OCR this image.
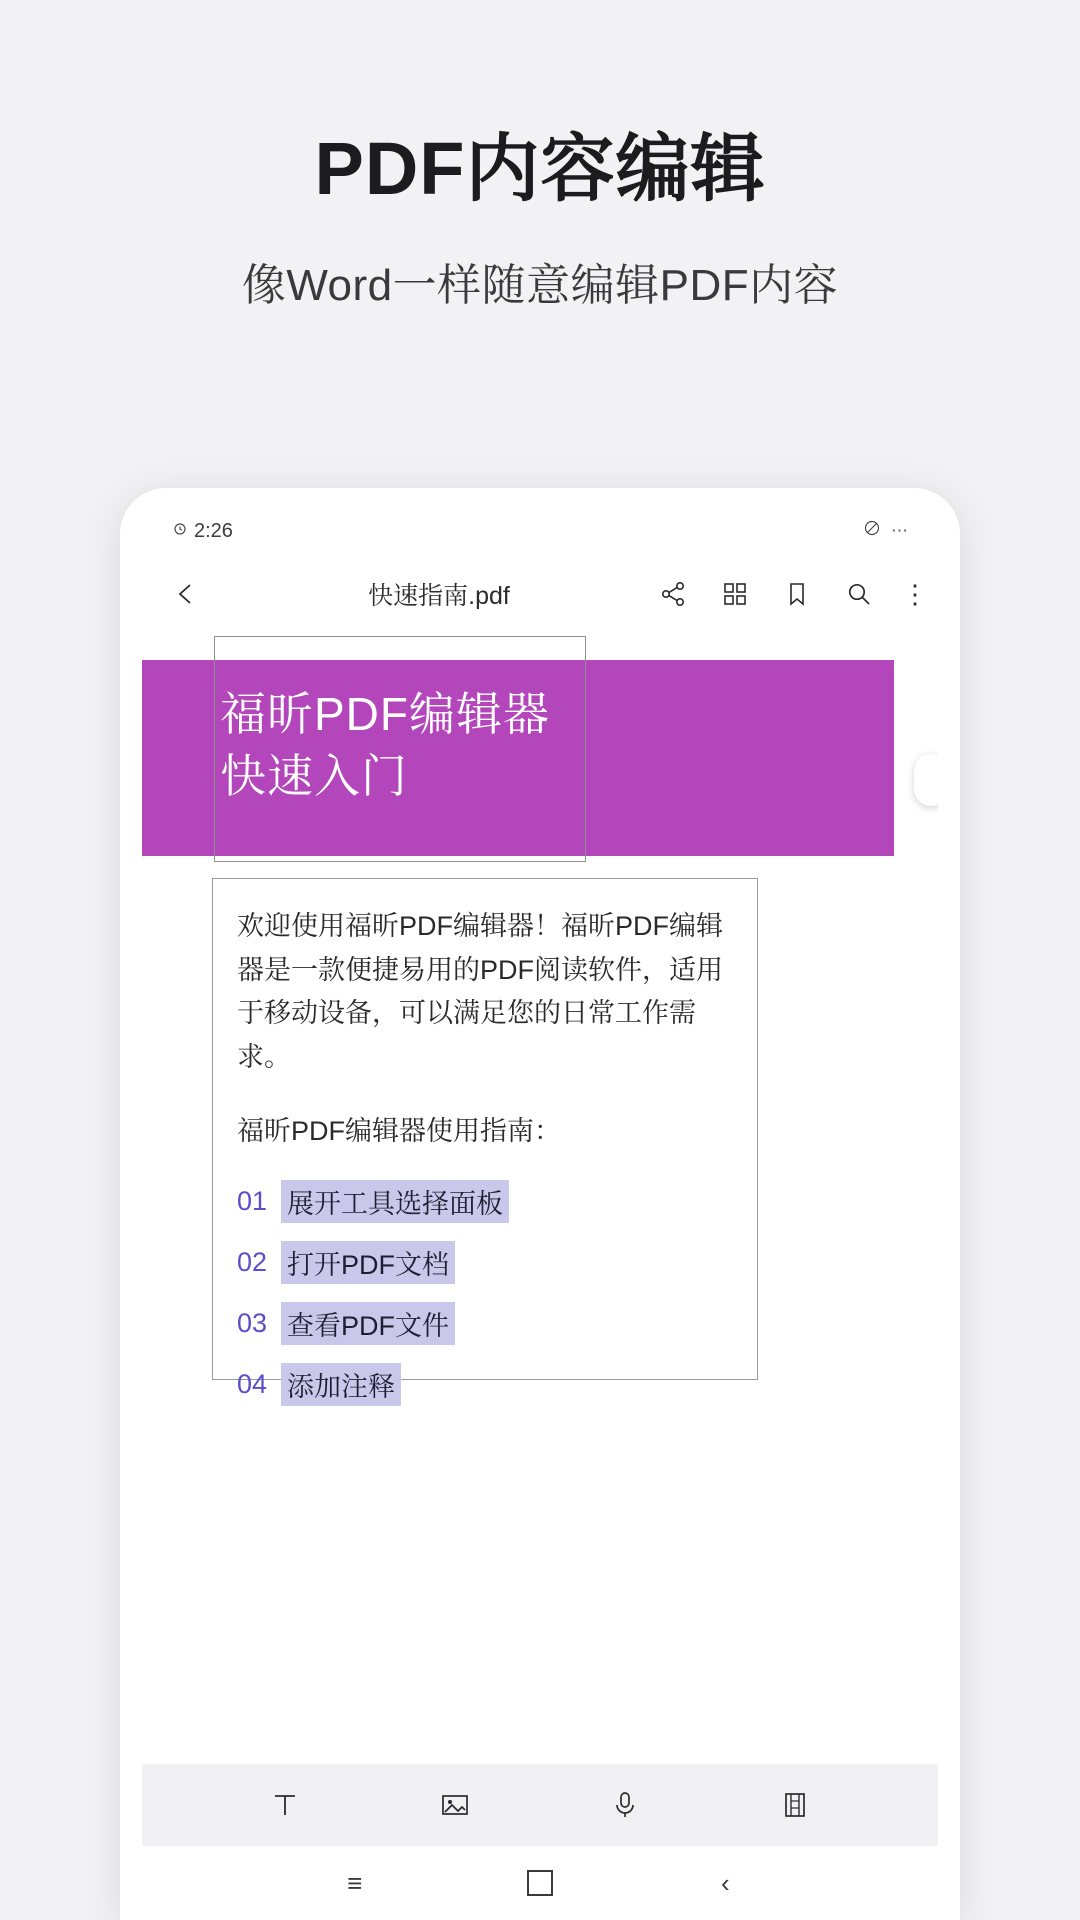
PDF内容编辑
像Word一样随意编辑PDF内容
2:26	⋯
快速指南.pdf	⋮
福昕PDF编辑器
快速入门

欢迎使用福昕PDF编辑器！福昕PDF编辑器是一款便捷易用的PDF阅读软件，适用于移动设备，可以满足您的日常工作需求。

福昕PDF编辑器使用指南：

01 展开工具选择面板
02 打开PDF文档
03 查看PDF文件
04 添加注释
≡	‹
